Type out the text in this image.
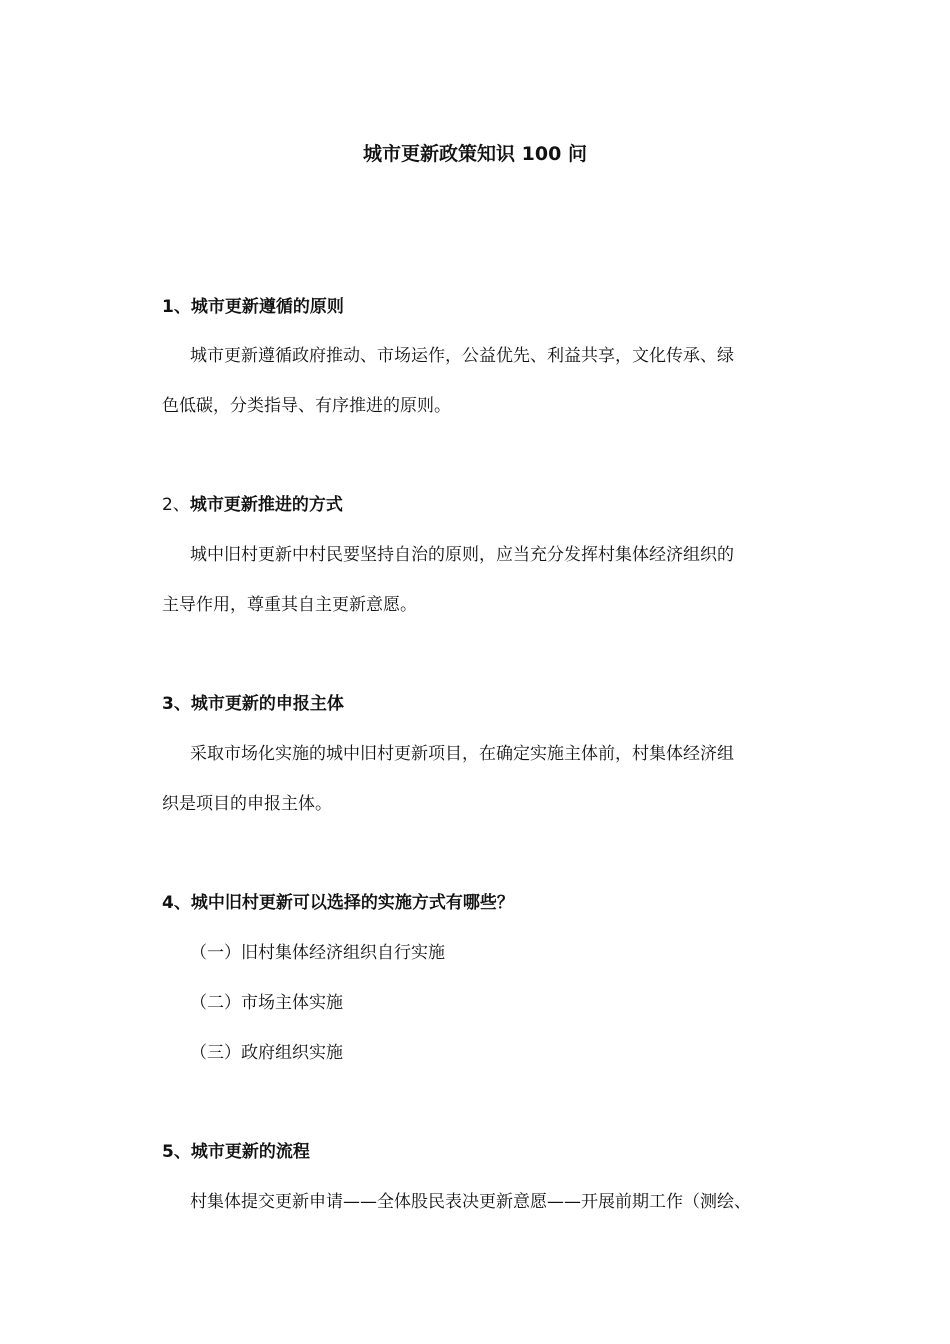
城市更新政策知识 100 问
1、城市更新遵循的原则
城市更新遵循政府推动、市场运作，公益优先、利益共享，文化传承、绿
色低碳，分类指导、有序推进的原则。
2、城市更新推进的方式
城中旧村更新中村民要坚持自治的原则，应当充分发挥村集体经济组织的
主导作用，尊重其自主更新意愿。
3、城市更新的申报主体
采取市场化实施的城中旧村更新项目，在确定实施主体前，村集体经济组
织是项目的申报主体。
4、城中旧村更新可以选择的实施方式有哪些？
（一）旧村集体经济组织自行实施
（二）市场主体实施
（三）政府组织实施
5、城市更新的流程
村集体提交更新申请——全体股民表决更新意愿——开展前期工作（测绘、
